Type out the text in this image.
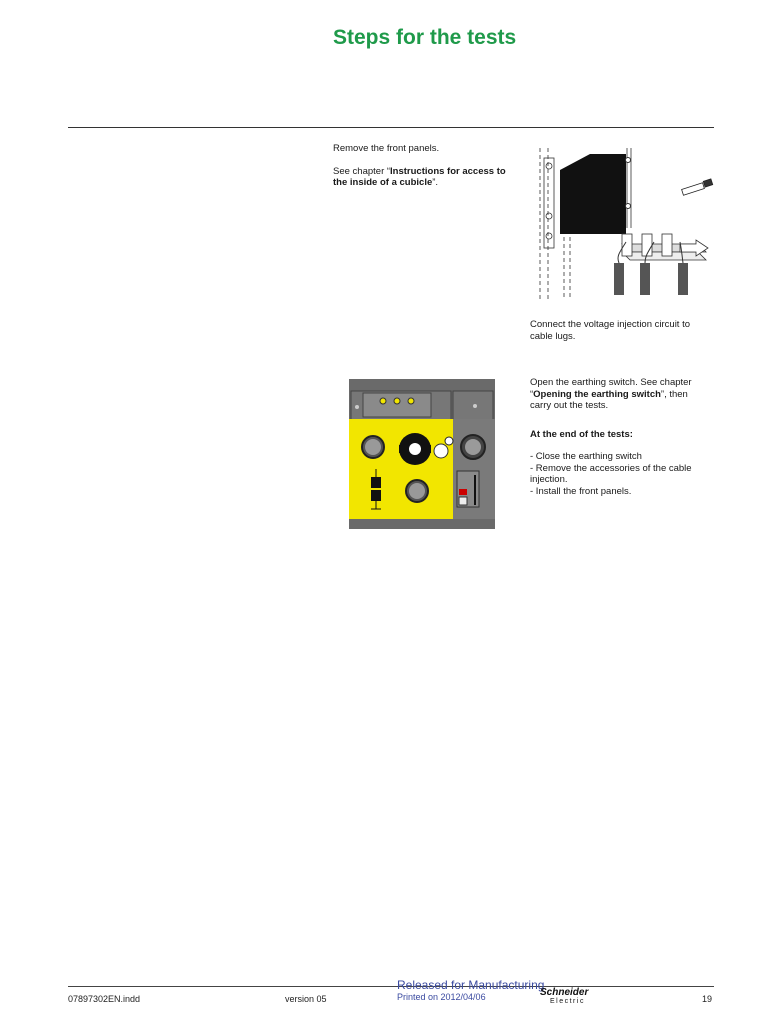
Steps for the tests
Remove the front panels.
See chapter “Instructions for access to the inside of a cubicle”.
Connect the voltage injection circuit to cable lugs.
Open the earthing switch. See chapter “Opening the earthing switch”, then carry out the tests.
At the end of the tests:
- Close the earthing switch
- Remove the accessories of the cable injection.
- Install the front panels.
07897302EN.indd	version 05
Released for Manufacturing
Printed on 2012/04/06	Schneider
Electric	19
